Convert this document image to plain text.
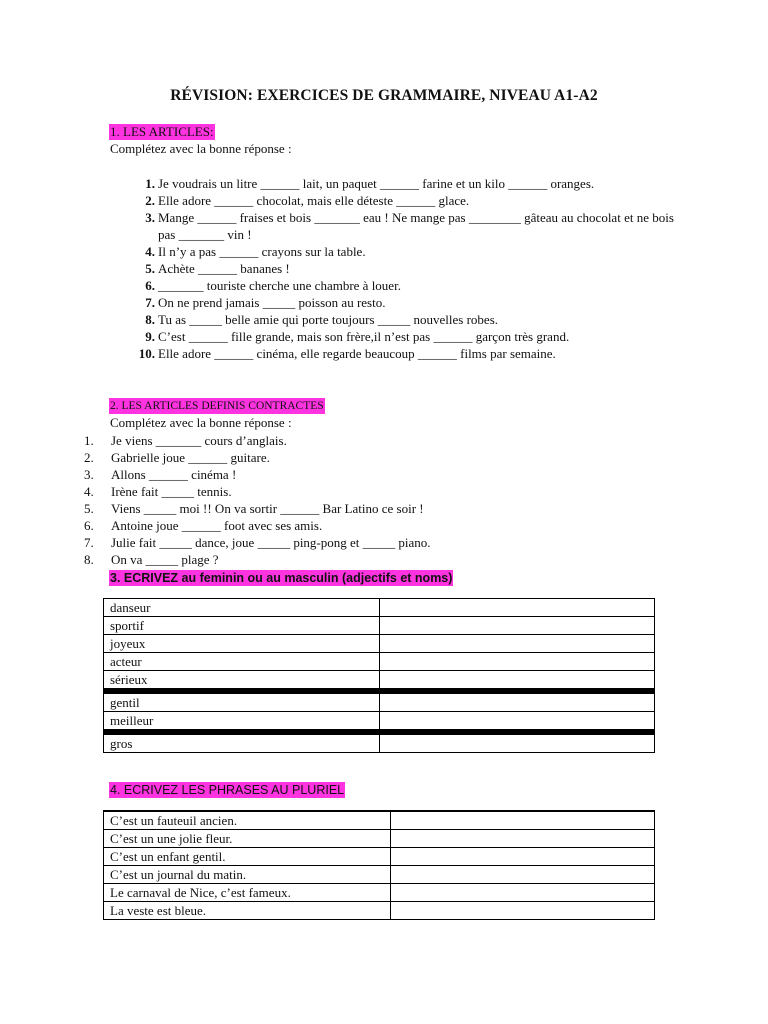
RÉVISION: EXERCICES DE GRAMMAIRE, NIVEAU A1-A2
1. LES ARTICLES:
Complétez avec la bonne réponse :
1. Je voudrais un litre ______ lait, un paquet ______ farine et un kilo ______ oranges.
2. Elle adore ______ chocolat, mais elle déteste ______ glace.
3. Mange ______ fraises et bois _______ eau ! Ne mange pas ________ gâteau au chocolat et ne bois pas _______ vin !
4. Il n’y a pas ______ crayons sur la table.
5. Achète ______ bananes !
6. _______ touriste cherche une chambre à louer.
7. On ne prend jamais _____ poisson au resto.
8. Tu as _____ belle amie qui porte toujours _____ nouvelles robes.
9. C’est ______ fille grande, mais son frère,il n’est pas ______ garçon très grand.
10. Elle adore ______ cinéma, elle regarde beaucoup ______ films par semaine.
2. LES ARTICLES DEFINIS CONTRACTES
Complétez avec la bonne réponse :
1.	Je viens _______ cours d’anglais.
2.	Gabrielle joue ______ guitare.
3.	Allons ______ cinéma !
4.	Irène fait _____ tennis.
5.	Viens _____ moi !! On va sortir ______ Bar Latino ce soir !
6.	Antoine joue ______ foot avec ses amis.
7.	Julie fait _____ dance, joue _____ ping-pong et _____ piano.
8.	On va _____ plage ?
3. ECRIVEZ au feminin ou au masculin (adjectifs et noms)
danseur	
sportif	
joyeux	
acteur	
sérieux	
gentil	
meilleur	
gros	
4. ECRIVEZ LES PHRASES AU PLURIEL
C’est un fauteuil ancien.	
C’est un une jolie fleur.	
C’est un enfant gentil.	
C’est un journal du matin.	
Le carnaval de Nice, c’est fameux.	
La veste est bleue.	
